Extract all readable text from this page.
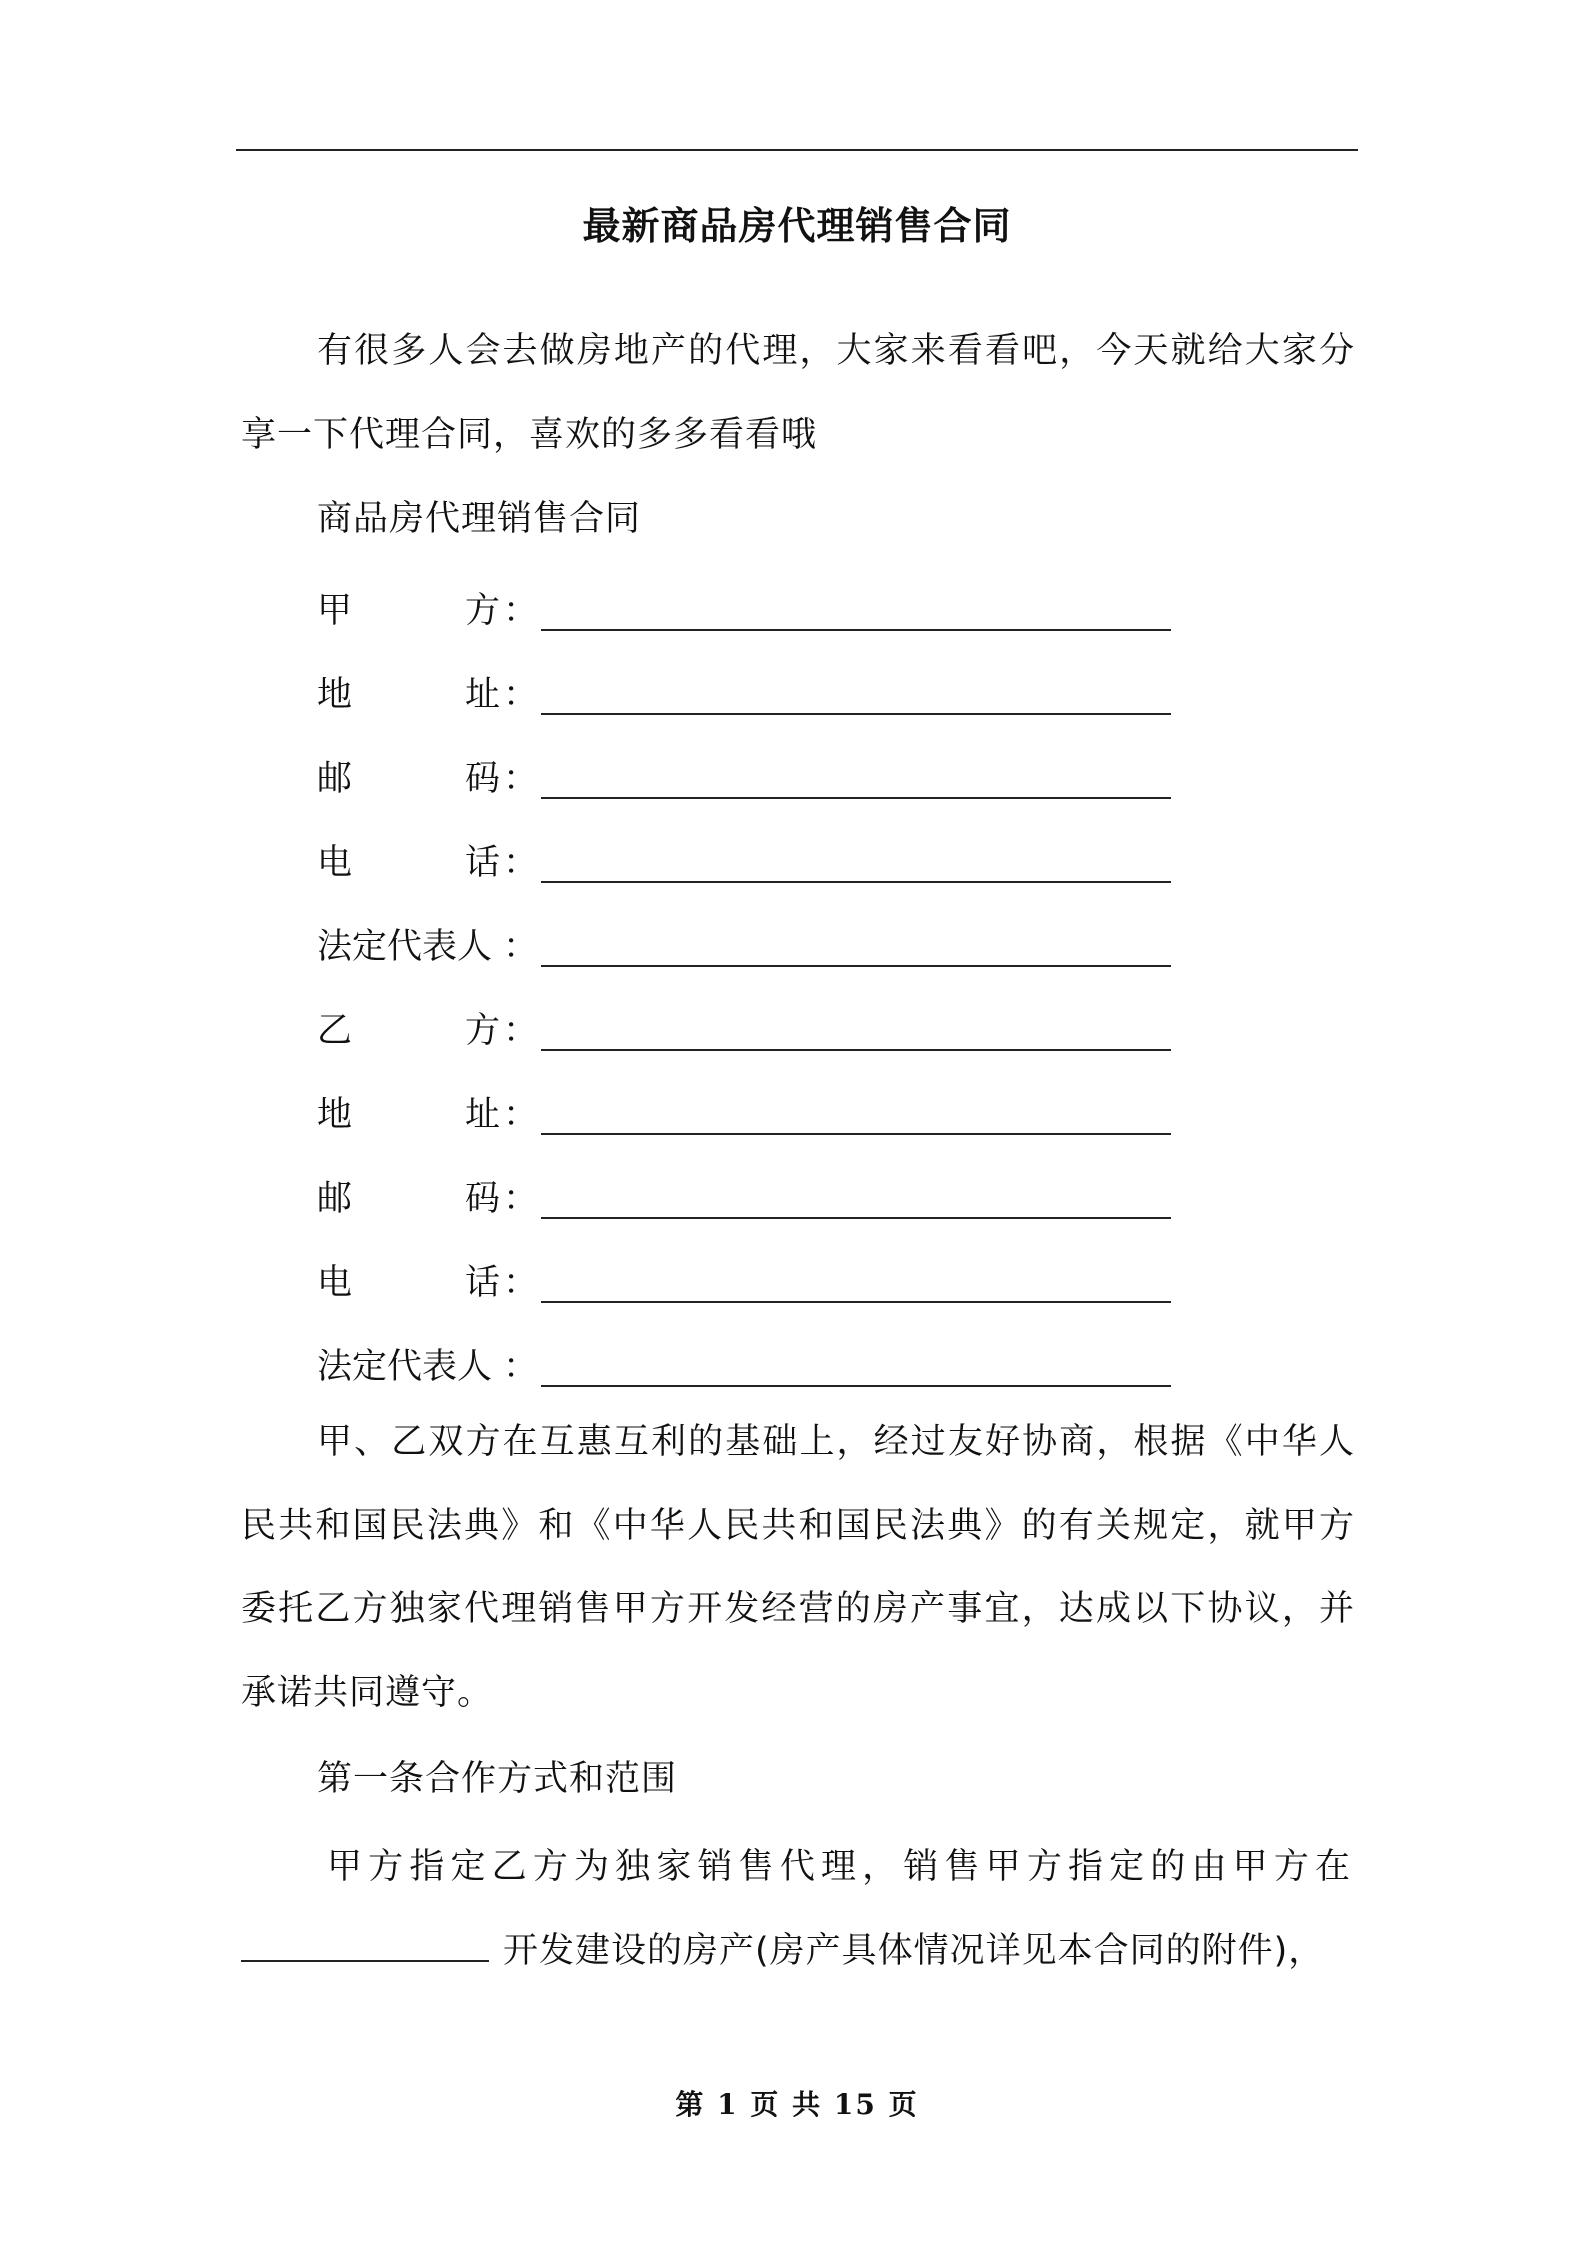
最新商品房代理销售合同
有很多人会去做房地产的代理，大家来看看吧，今天就给大家分享一下代理合同，喜欢的多多看看哦
商品房代理销售合同
甲	方 ：
地	址 ：
邮	码 ：
电	话 ：
法定代表人 ：
乙	方 ：
地	址 ：
邮	码 ：
电	话 ：
法定代表人 ：
甲、乙双方在互惠互利的基础上，经过友好协商，根据《中华人民共和国民法典》和《中华人民共和国民法典》的有关规定，就甲方委托乙方独家代理销售甲方开发经营的房产事宜，达成以下协议，并承诺共同遵守。
第一条合作方式和范围
甲方指定乙方为独家销售代理，销售甲方指定的由甲方在
开发建设的房产(房产具体情况详见本合同的附件)，
第 1 页 共 15 页
